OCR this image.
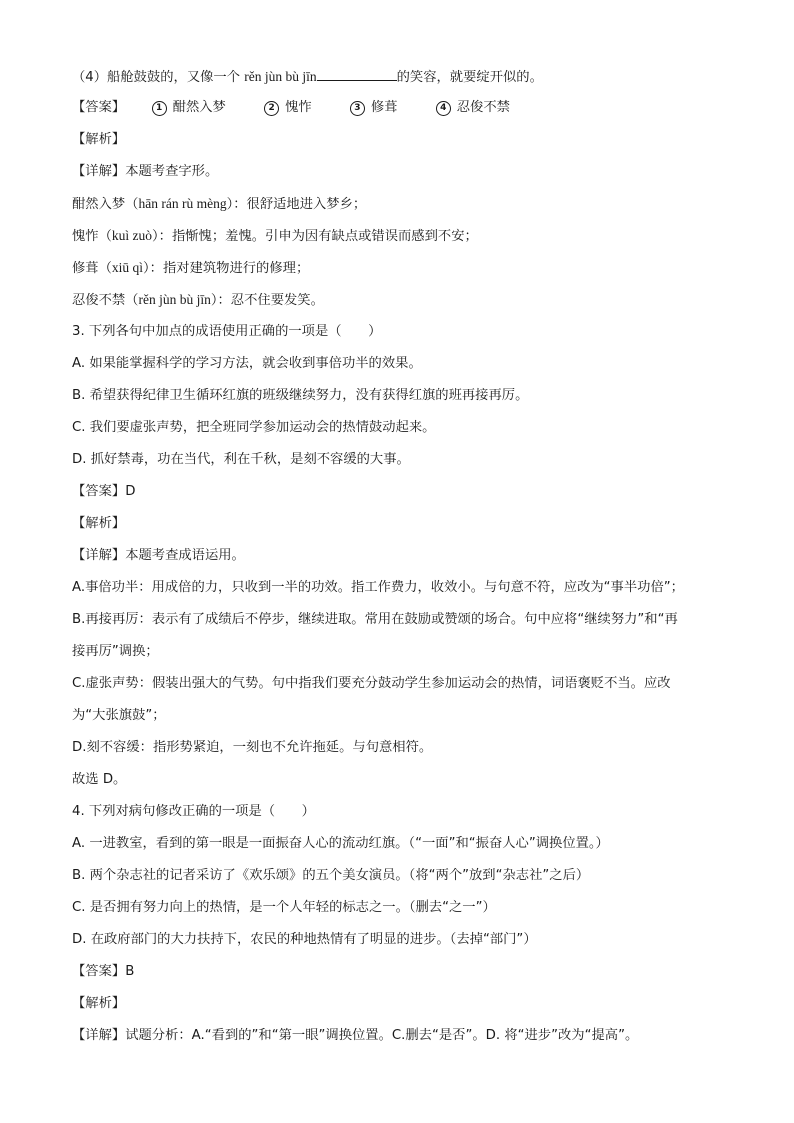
（4）船舱鼓鼓的，又像一个 rěn jùn bù jīn	的笑容，就要绽开似的。
【答案】	1 酣然入梦	2 愧怍	3 修葺	4 忍俊不禁
【解析】
【详解】本题考查字形。
酣然入梦（hān rán rù mèng）：很舒适地进入梦乡；
愧怍（kuì zuò）：指惭愧；羞愧。引申为因有缺点或错误而感到不安；
修葺（xiū qì）：指对建筑物进行的修理；
忍俊不禁（rěn jùn bù jīn）：忍不住要发笑。
3. 下列各句中加点的成语使用正确的一项是（　　）
A. 如果能掌握科学的学习方法，就会收到事倍功半的效果。
B. 希望获得纪律卫生循环红旗的班级继续努力，没有获得红旗的班再接再厉。
C. 我们要虚张声势，把全班同学参加运动会的热情鼓动起来。
D. 抓好禁毒，功在当代，利在千秋，是刻不容缓的大事。
【答案】D
【解析】
【详解】本题考查成语运用。
A.事倍功半：用成倍的力，只收到一半的功效。指工作费力，收效小。与句意不符，应改为“事半功倍”；
B.再接再厉：表示有了成绩后不停步，继续进取。常用在鼓励或赞颂的场合。句中应将“继续努力”和“再
接再厉”调换；
C.虚张声势：假装出强大的气势。句中指我们要充分鼓动学生参加运动会的热情，词语褒贬不当。应改
为“大张旗鼓”；
D.刻不容缓：指形势紧迫，一刻也不允许拖延。与句意相符。
故选 D。
4. 下列对病句修改正确的一项是（　　）
A. 一进教室，看到的第一眼是一面振奋人心的流动红旗。（“一面”和“振奋人心”调换位置。）
B. 两个杂志社的记者采访了《欢乐颂》的五个美女演员。（将“两个”放到“杂志社”之后）
C. 是否拥有努力向上的热情，是一个人年轻的标志之一。（删去“之一”）
D. 在政府部门的大力扶持下，农民的种地热情有了明显的进步。（去掉“部门”）
【答案】B
【解析】
【详解】试题分析：A.“看到的”和“第一眼”调换位置。C.删去“是否”。D. 将“进步”改为“提高”。
